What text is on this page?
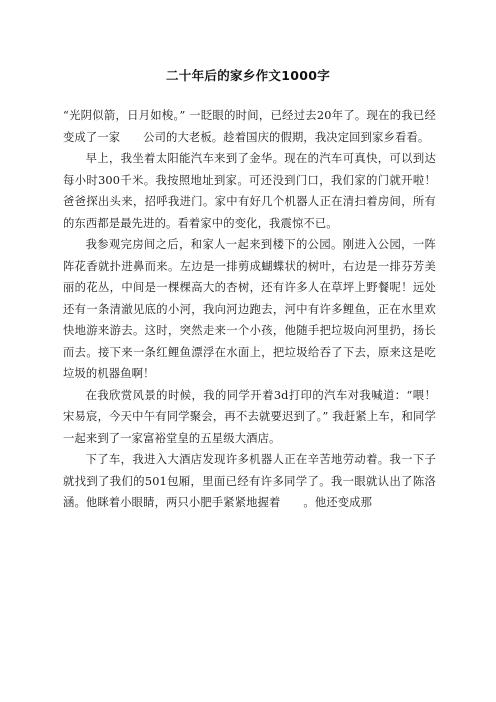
二十年后的家乡作文1000字

“光阴似箭，日月如梭。” 一眨眼的时间，已经过去20年了。现在的我已经变成了一家　　公司的大老板。趁着国庆的假期，我决定回到家乡看看。

早上，我坐着太阳能汽车来到了金华。现在的汽车可真快，可以到达每小时300千米。我按照地址到家。可还没到门口，我们家的门就开啦！爸爸探出头来，招呼我进门。家中有好几个机器人正在清扫着房间，所有的东西都是最先进的。看着家中的变化，我震惊不已。

我参观完房间之后，和家人一起来到楼下的公园。刚进入公园，一阵阵花香就扑进鼻而来。左边是一排剪成蝴蝶状的树叶，右边是一排芬芳美丽的花丛，中间是一棵棵高大的杏树，还有许多人在草坪上野餐呢！远处还有一条清澈见底的小河，我向河边跑去，河中有许多鲤鱼，正在水里欢快地游来游去。这时，突然走来一个小孩，他随手把垃圾向河里扔，扬长而去。接下来一条红鲤鱼漂浮在水面上，把垃圾给吞了下去，原来这是吃垃圾的机器鱼啊！

在我欣赏风景的时候，我的同学开着3d打印的汽车对我喊道：“喂！宋易宸，今天中午有同学聚会，再不去就要迟到了。” 我赶紧上车，和同学一起来到了一家富裕堂皇的五星级大酒店。

下了车，我进入大酒店发现许多机器人正在辛苦地劳动着。我一下子就找到了我们的501包厢，里面已经有许多同学了。我一眼就认出了陈洛涵。他眯着小眼睛，两只小肥手紧紧地握着　　。他还变成那
